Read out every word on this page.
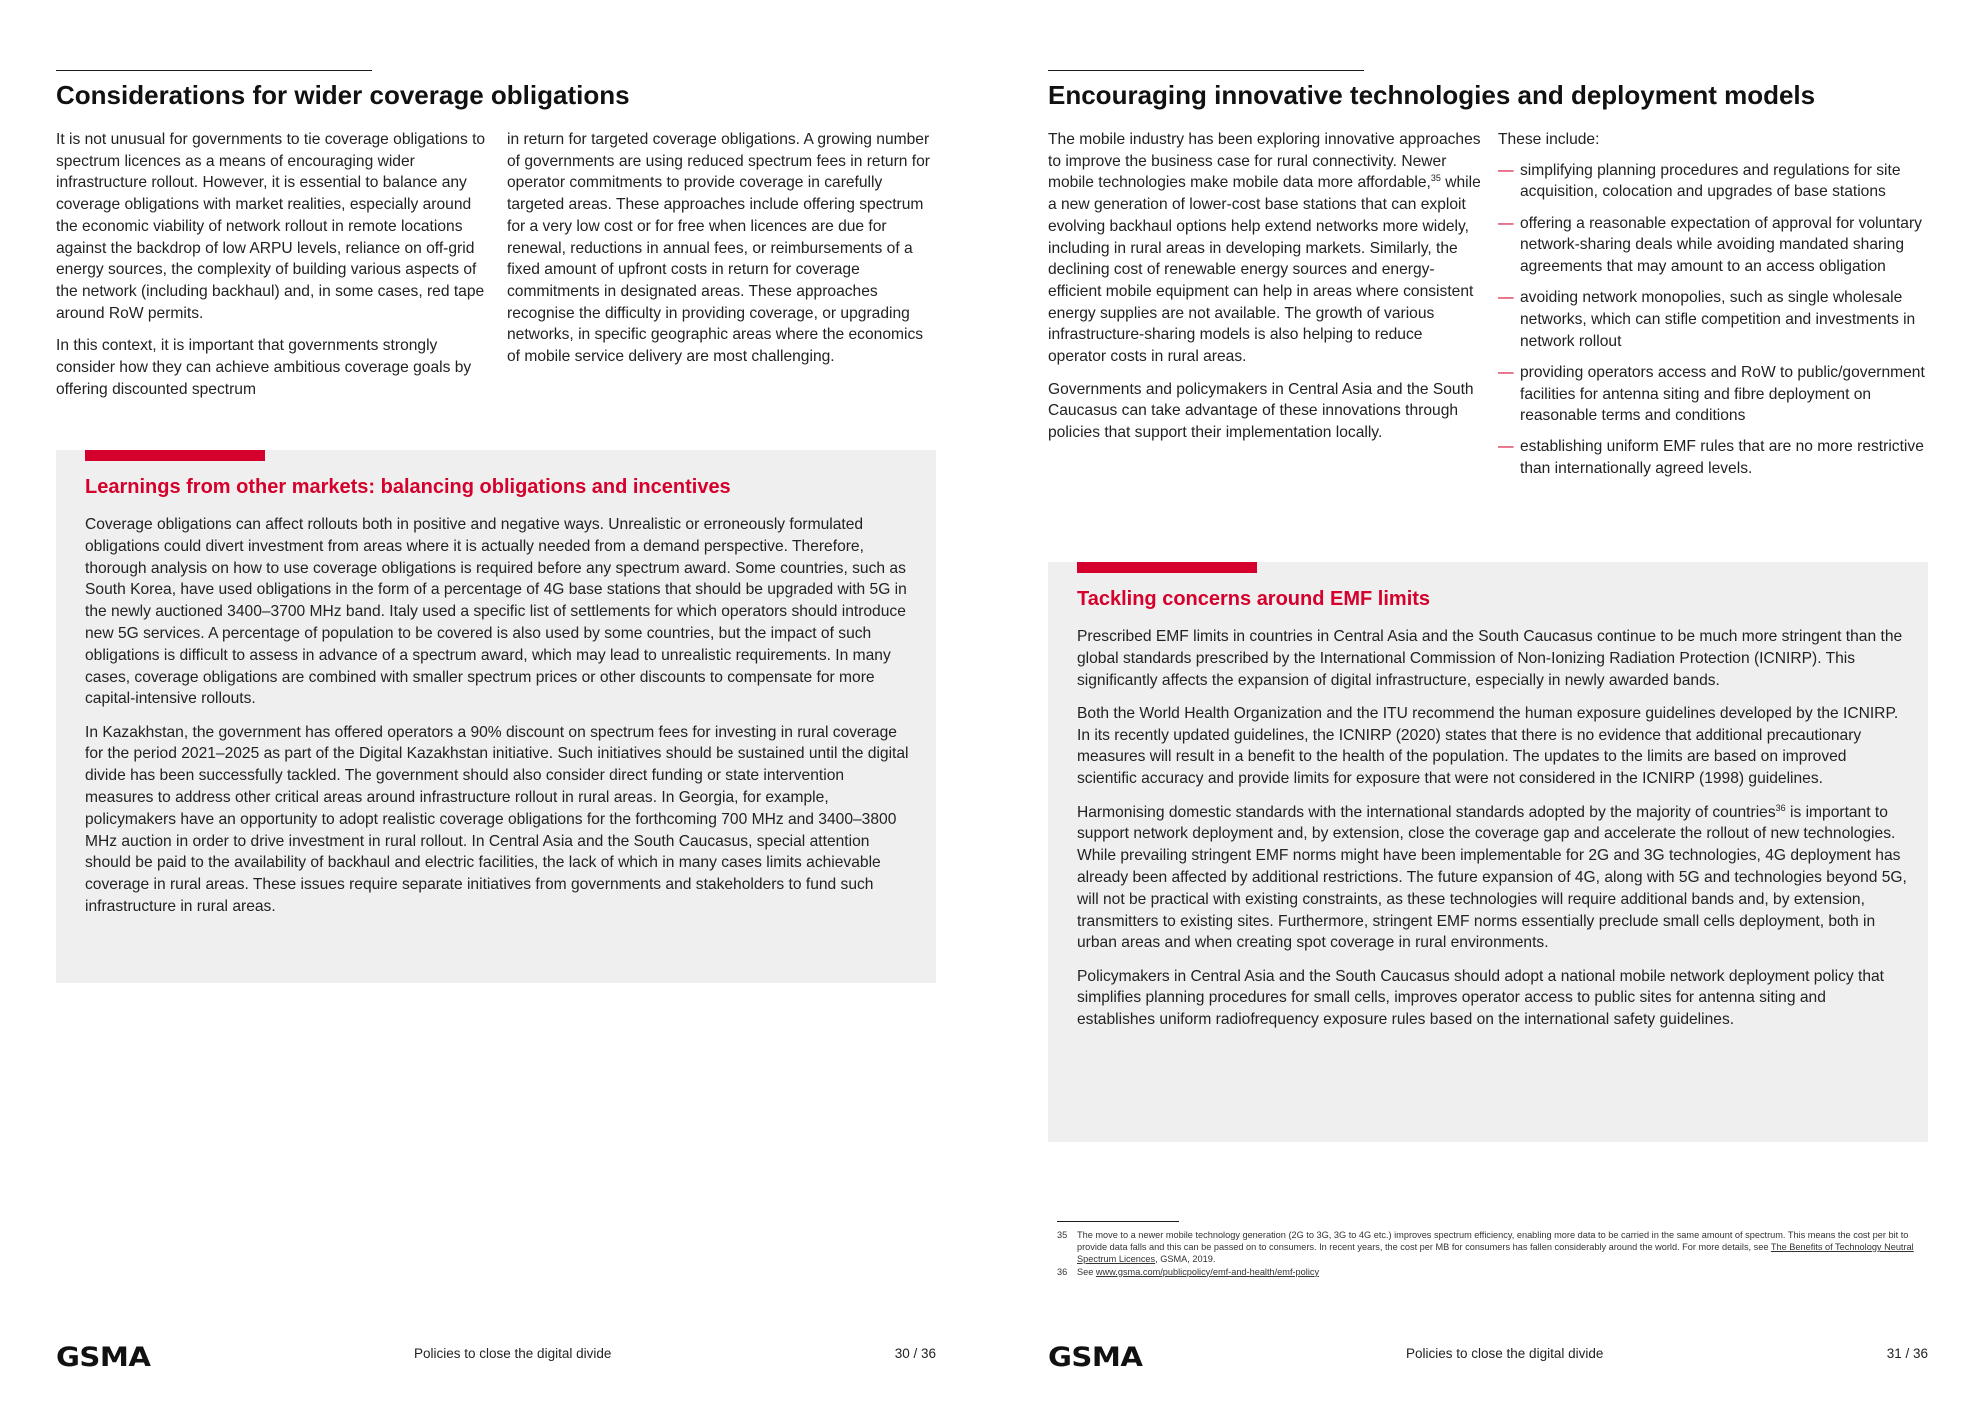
Considerations for wider coverage obligations

It is not unusual for governments to tie coverage obligations to spectrum licences as a means of encouraging wider infrastructure rollout. However, it is essential to balance any coverage obligations with market realities, especially around the economic viability of network rollout in remote locations against the backdrop of low ARPU levels, reliance on off-grid energy sources, the complexity of building various aspects of the network (including backhaul) and, in some cases, red tape around RoW permits.

In this context, it is important that governments strongly consider how they can achieve ambitious coverage goals by offering discounted spectrum

in return for targeted coverage obligations. A growing number of governments are using reduced spectrum fees in return for operator commitments to provide coverage in carefully targeted areas. These approaches include offering spectrum for a very low cost or for free when licences are due for renewal, reductions in annual fees, or reimbursements of a fixed amount of upfront costs in return for coverage commitments in designated areas. These approaches recognise the difficulty in providing coverage, or upgrading networks, in specific geographic areas where the economics of mobile service delivery are most challenging.

Learnings from other markets: balancing obligations and incentives

Coverage obligations can affect rollouts both in positive and negative ways. Unrealistic or erroneously formulated obligations could divert investment from areas where it is actually needed from a demand perspective. Therefore, thorough analysis on how to use coverage obligations is required before any spectrum award. Some countries, such as South Korea, have used obligations in the form of a percentage of 4G base stations that should be upgraded with 5G in the newly auctioned 3400–3700 MHz band. Italy used a specific list of settlements for which operators should introduce new 5G services. A percentage of population to be covered is also used by some countries, but the impact of such obligations is difficult to assess in advance of a spectrum award, which may lead to unrealistic requirements. In many cases, coverage obligations are combined with smaller spectrum prices or other discounts to compensate for more capital-intensive rollouts.

In Kazakhstan, the government has offered operators a 90% discount on spectrum fees for investing in rural coverage for the period 2021–2025 as part of the Digital Kazakhstan initiative. Such initiatives should be sustained until the digital divide has been successfully tackled. The government should also consider direct funding or state intervention measures to address other critical areas around infrastructure rollout in rural areas. In Georgia, for example, policymakers have an opportunity to adopt realistic coverage obligations for the forthcoming 700 MHz and 3400–3800 MHz auction in order to drive investment in rural rollout. In Central Asia and the South Caucasus, special attention should be paid to the availability of backhaul and electric facilities, the lack of which in many cases limits achievable coverage in rural areas. These issues require separate initiatives from governments and stakeholders to fund such infrastructure in rural areas.

GSMA	Policies to close the digital divide	30 / 36
Encouraging innovative technologies and deployment models

The mobile industry has been exploring innovative approaches to improve the business case for rural connectivity. Newer mobile technologies make mobile data more affordable,$^{35}$ while a new generation of lower-cost base stations that can exploit evolving backhaul options help extend networks more widely, including in rural areas in developing markets. Similarly, the declining cost of renewable energy sources and energy-efficient mobile equipment can help in areas where consistent energy supplies are not available. The growth of various infrastructure-sharing models is also helping to reduce operator costs in rural areas.

Governments and policymakers in Central Asia and the South Caucasus can take advantage of these innovations through policies that support their implementation locally.

These include:

— simplifying planning procedures and regulations for site acquisition, colocation and upgrades of base stations
— offering a reasonable expectation of approval for voluntary network-sharing deals while avoiding mandated sharing agreements that may amount to an access obligation
— avoiding network monopolies, such as single wholesale networks, which can stifle competition and investments in network rollout
— providing operators access and RoW to public/government facilities for antenna siting and fibre deployment on reasonable terms and conditions
— establishing uniform EMF rules that are no more restrictive than internationally agreed levels.
Tackling concerns around EMF limits

Prescribed EMF limits in countries in Central Asia and the South Caucasus continue to be much more stringent than the global standards prescribed by the International Commission of Non-Ionizing Radiation Protection (ICNIRP). This significantly affects the expansion of digital infrastructure, especially in newly awarded bands.

Both the World Health Organization and the ITU recommend the human exposure guidelines developed by the ICNIRP. In its recently updated guidelines, the ICNIRP (2020) states that there is no evidence that additional precautionary measures will result in a benefit to the health of the population. The updates to the limits are based on improved scientific accuracy and provide limits for exposure that were not considered in the ICNIRP (1998) guidelines.

Harmonising domestic standards with the international standards adopted by the majority of countries$^{36}$ is important to support network deployment and, by extension, close the coverage gap and accelerate the rollout of new technologies. While prevailing stringent EMF norms might have been implementable for 2G and 3G technologies, 4G deployment has already been affected by additional restrictions. The future expansion of 4G, along with 5G and technologies beyond 5G, will not be practical with existing constraints, as these technologies will require additional bands and, by extension, transmitters to existing sites. Furthermore, stringent EMF norms essentially preclude small cells deployment, both in urban areas and when creating spot coverage in rural environments.

Policymakers in Central Asia and the South Caucasus should adopt a national mobile network deployment policy that simplifies planning procedures for small cells, improves operator access to public sites for antenna siting and establishes uniform radiofrequency exposure rules based on the international safety guidelines.

GSMA	Policies to close the digital divide	31 / 36
35 The move to a newer mobile technology generation (2G to 3G, 3G to 4G etc.) improves spectrum efficiency, enabling more data to be carried in the same amount of spectrum. This means the cost per bit to provide data falls and this can be passed on to consumers. In recent years, the cost per MB for consumers has fallen considerably around the world. For more details, see The Benefits of Technology Neutral Spectrum Licences, GSMA, 2019.
36 See www.gsma.com/publicpolicy/emf-and-health/emf-policy
